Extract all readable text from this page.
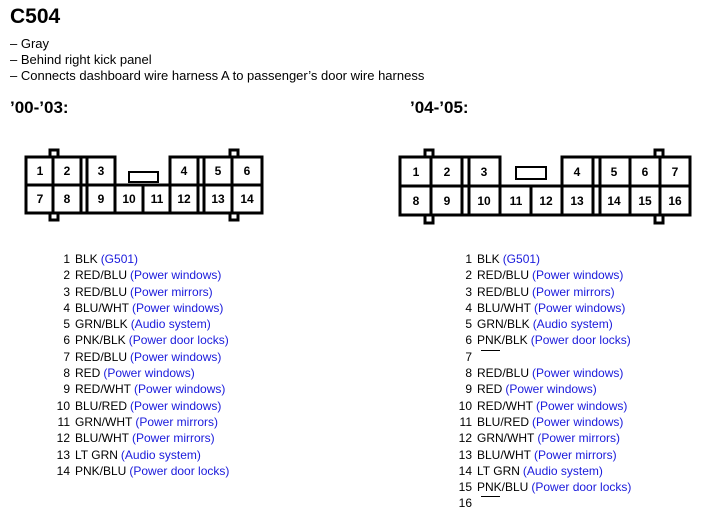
C504
– Gray
– Behind right kick panel
– Connects dashboard wire harness A to passenger’s door wire harness
’00-’03:	’04-’05:
1 2 3	4 5 6
7 8 9 10 11 12 13 14
1 2	3	4	5 6 7
8 9 10 11 12 13 14 15 16
1 BLK (G501)
2 RED/BLU (Power windows)
3 RED/BLU (Power mirrors)
4 BLU/WHT (Power windows)
5 GRN/BLK (Audio system)
6 PNK/BLK (Power door locks)
7 RED/BLU (Power windows)
8 RED (Power windows)
9 RED/WHT (Power windows)
10 BLU/RED (Power windows)
11 GRN/WHT (Power mirrors)
12 BLU/WHT (Power mirrors)
13 LT GRN (Audio system)
14 PNK/BLU (Power door locks)
1 BLK (G501)
2 RED/BLU (Power windows)
3 RED/BLU (Power mirrors)
4 BLU/WHT (Power windows)
5 GRN/BLK (Audio system)
6 PNK/BLK (Power door locks)
7
8 RED/BLU (Power windows)
9 RED (Power windows)
10 RED/WHT (Power windows)
11 BLU/RED (Power windows)
12 GRN/WHT (Power mirrors)
13 BLU/WHT (Power mirrors)
14 LT GRN (Audio system)
15 PNK/BLU (Power door locks)
16
